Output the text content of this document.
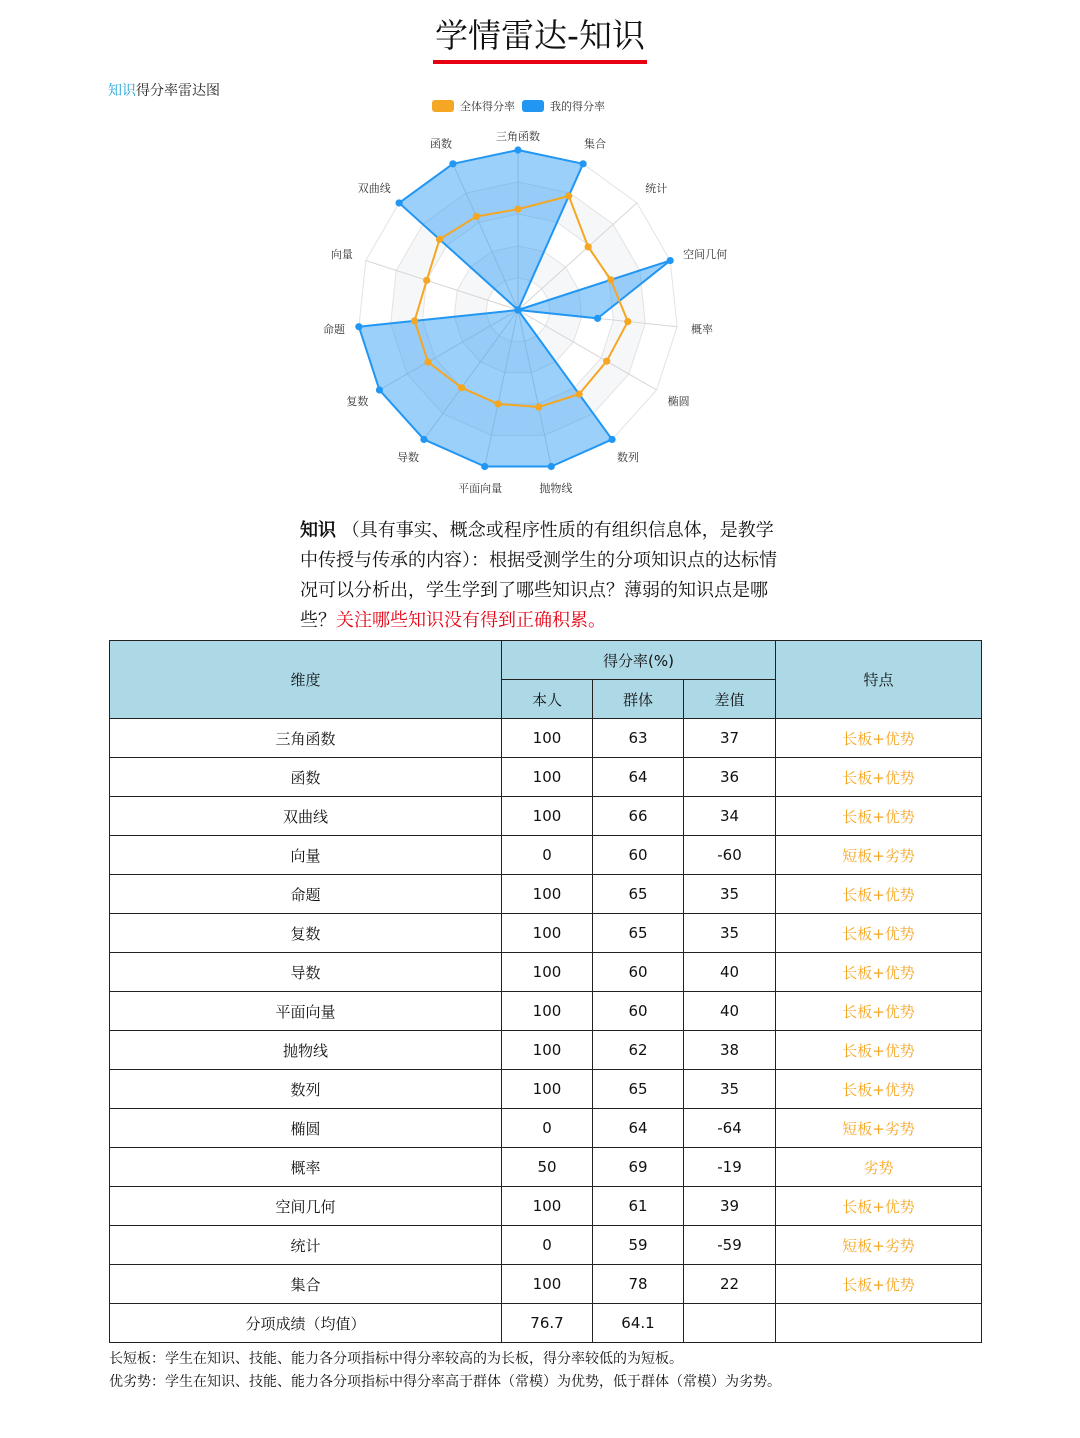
学情雷达-知识
知识得分率雷达图
三角函数
集合
统计
空间几何
概率
椭圆
数列
抛物线
平面向量
导数
复数
命题
向量
双曲线
函数
全体得分率	我的得分率
知识 （具有事实、概念或程序性质的有组织信息体，是教学中传授与传承的内容）：根据受测学生的分项知识点的达标情况可以分析出，学生学到了哪些知识点？薄弱的知识点是哪些？关注哪些知识没有得到正确积累。
维度	得分率(%)			特点
	本人	群体	差值	
三角函数	100	63	37	长板+优势
函数	100	64	36	长板+优势
双曲线	100	66	34	长板+优势
向量	0	60	-60	短板+劣势
命题	100	65	35	长板+优势
复数	100	65	35	长板+优势
导数	100	60	40	长板+优势
平面向量	100	60	40	长板+优势
抛物线	100	62	38	长板+优势
数列	100	65	35	长板+优势
椭圆	0	64	-64	短板+劣势
概率	50	69	-19	劣势
空间几何	100	61	39	长板+优势
统计	0	59	-59	短板+劣势
集合	100	78	22	长板+优势
分项成绩（均值）	76.7	64.1		
长短板：学生在知识、技能、能力各分项指标中得分率较高的为长板，得分率较低的为短板。
优劣势：学生在知识、技能、能力各分项指标中得分率高于群体（常模）为优势，低于群体（常模）为劣势。
